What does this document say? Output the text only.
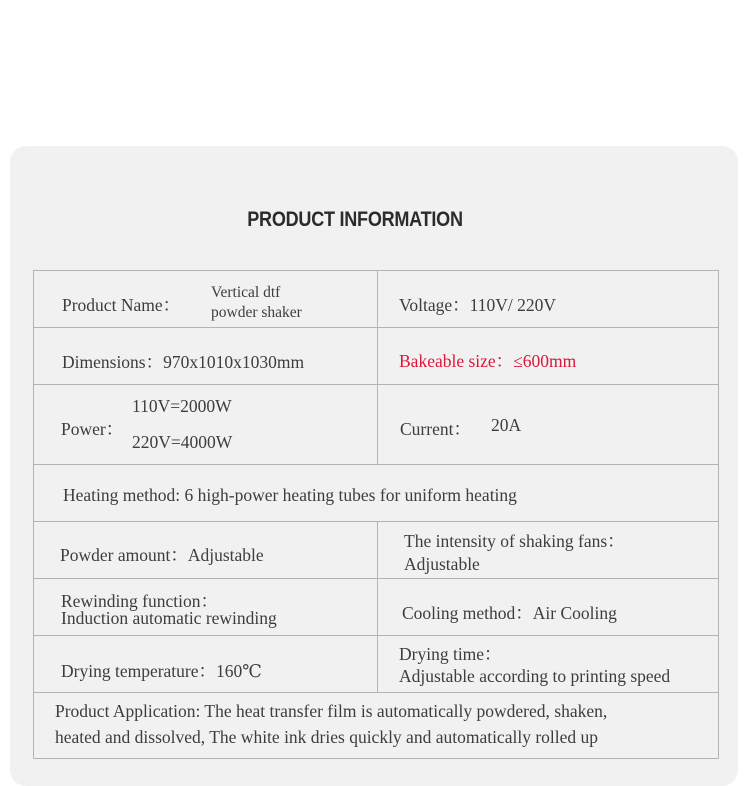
PRODUCT INFORMATION
Product Name：
Vertical dtf
powder shaker	Voltage：110V/ 220V

Dimensions：970x1010x1030mm	Bakeable size：≤600mm

Power：
110V=2000W
220V=4000W	Current： 20A

Heating method: 6 high-power heating tubes for uniform heating	

Powder amount：Adjustable	The intensity of shaking fans：
Adjustable

Rewinding function：
Induction automatic rewinding	Cooling method：Air Cooling

Drying temperature：160℃	Drying time：
Adjustable according to printing speed

Product Application: The heat transfer film is automatically powdered, shaken,
heated and dissolved, The white ink dries quickly and automatically rolled up	
